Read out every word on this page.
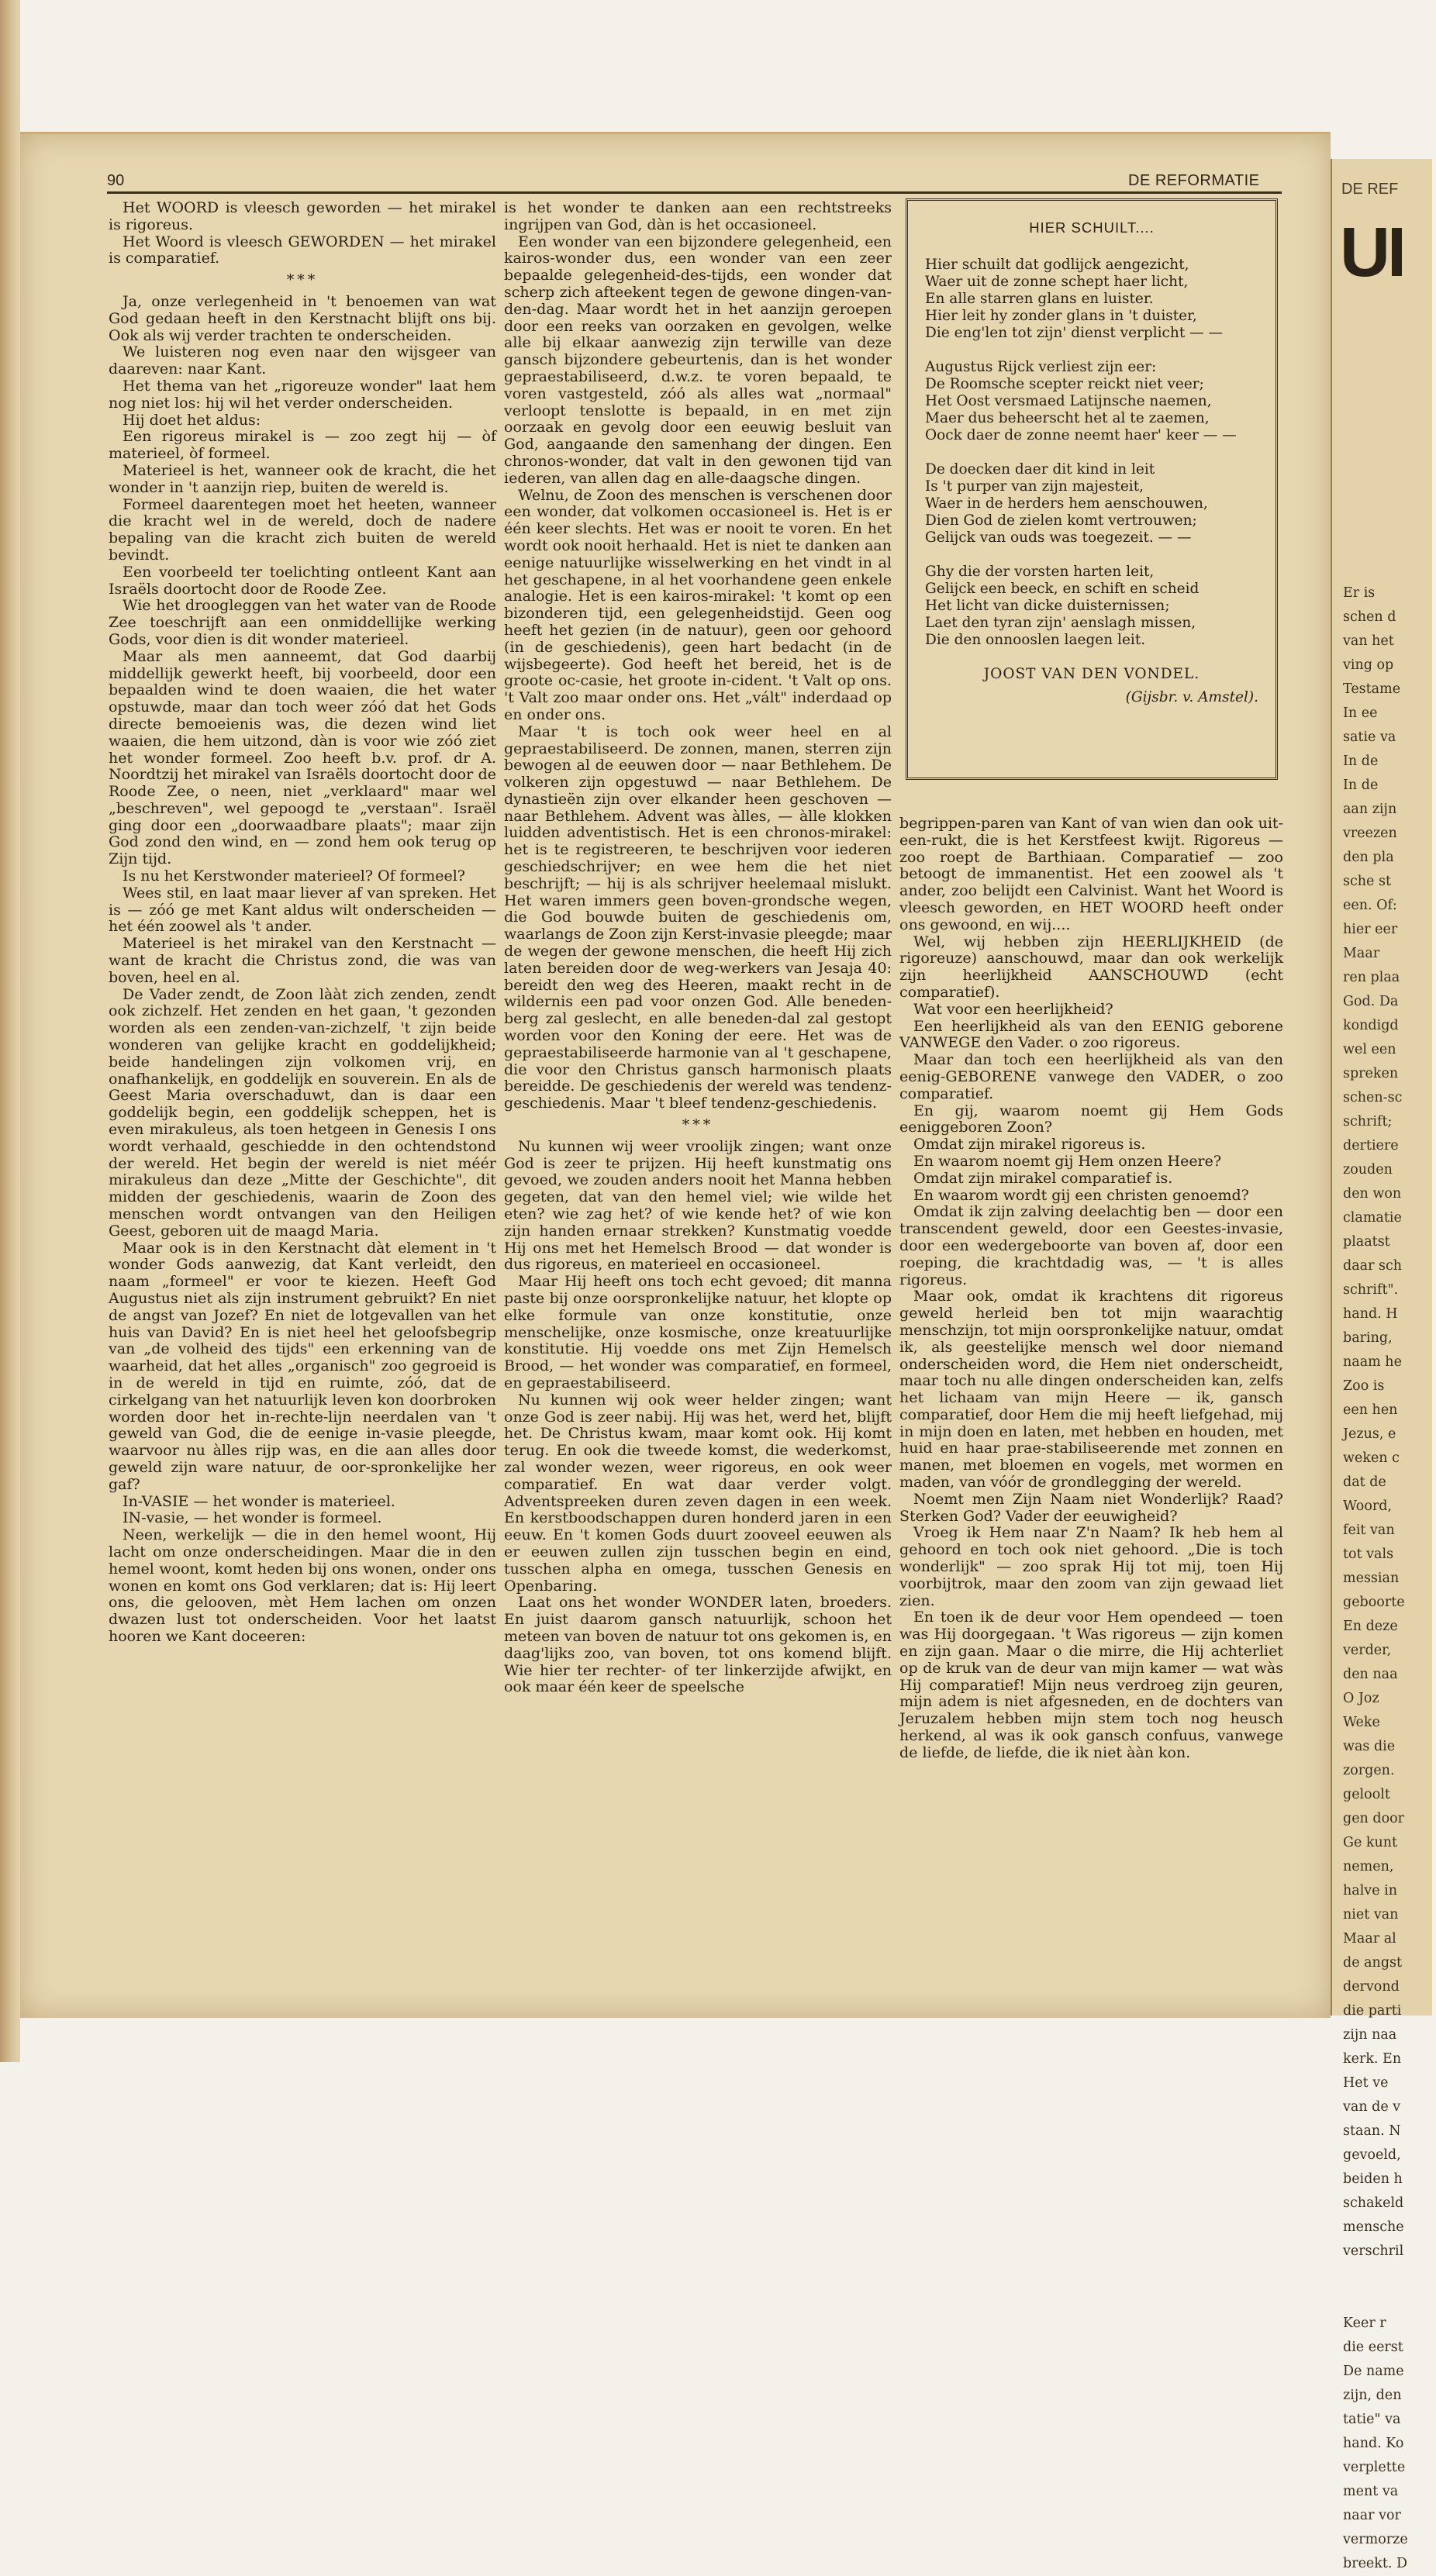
DE REF
UI
Er is
schen d
van het
ving op
Testame
In ee
satie va
In de
In de
aan zijn
vreezen
den pla
sche st
een. Of:
hier eer
Maar
ren plaa
God. Da
kondigd
wel een
spreken
schen-sc
schrift;
dertiere
zouden
den won
clamatie
plaatst
daar sch
schrift".
hand. H
baring,
naam he
Zoo is
een hen
Jezus, e
weken c
dat de
Woord,
feit van
tot vals
messian
geboorte
En deze
verder,
den naa
O Joz
Weke
was die
zorgen.
geloolt
gen door
Ge kunt
nemen,
halve in
niet van
Maar al
de angst
dervond
die parti
zijn naa
kerk. En
Het ve
van de v
staan. N
gevoeld,
beiden h
schakeld
mensche
verschril

Keer r
die eerst
De name
zijn, den
tatie" va
hand. Ko
verplette
ment va
naar vor
vermorze
breekt. D
90	DE REFORMATIE

Het WOORD is vleesch geworden — het mirakel is rigoreus.

Het Woord is vleesch GEWORDEN — het mirakel is comparatief.

***

Ja, onze verlegenheid in 't benoemen van wat God gedaan heeft in den Kerstnacht blijft ons bij. Ook als wij verder trachten te onderscheiden.

We luisteren nog even naar den wijsgeer van daareven: naar Kant.

Het thema van het „rigoreuze wonder" laat hem nog niet los: hij wil het verder onderscheiden.

Hij doet het aldus:

Een rigoreus mirakel is — zoo zegt hij — òf materieel, òf formeel.

Materieel is het, wanneer ook de kracht, die het wonder in 't aanzijn riep, buiten de wereld is.

Formeel daarentegen moet het heeten, wanneer die kracht wel in de wereld, doch de nadere bepaling van die kracht zich buiten de wereld bevindt.

Een voorbeeld ter toelichting ontleent Kant aan Israëls doortocht door de Roode Zee.

Wie het droogleggen van het water van de Roode Zee toeschrijft aan een onmiddellijke werking Gods, voor dien is dit wonder materieel.

Maar als men aanneemt, dat God daarbij middellijk gewerkt heeft, bij voorbeeld, door een bepaalden wind te doen waaien, die het water opstuwde, maar dan toch weer zóó dat het Gods directe bemoeienis was, die dezen wind liet waaien, die hem uitzond, dàn is voor wie zóó ziet het wonder formeel. Zoo heeft b.v. prof. dr A. Noordtzij het mirakel van Israëls doortocht door de Roode Zee, o neen, niet „verklaard" maar wel „beschreven", wel gepoogd te „verstaan". Israël ging door een „doorwaadbare plaats"; maar zijn God zond den wind, en — zond hem ook terug op Zijn tijd.

Is nu het Kerstwonder materieel? Of formeel?

Wees stil, en laat maar liever af van spreken. Het is — zóó ge met Kant aldus wilt onderscheiden — het één zoowel als 't ander.

Materieel is het mirakel van den Kerstnacht — want de kracht die Christus zond, die was van boven, heel en al.

De Vader zendt, de Zoon lààt zich zenden, zendt ook zichzelf. Het zenden en het gaan, 't gezonden worden als een zenden-van-zichzelf, 't zijn beide wonderen van gelijke kracht en goddelijkheid; beide handelingen zijn volkomen vrij, en onafhankelijk, en goddelijk en souverein. En als de Geest Maria overschaduwt, dan is daar een goddelijk begin, een goddelijk scheppen, het is even mirakuleus, als toen hetgeen in Genesis I ons wordt verhaald, geschiedde in den ochtendstond der wereld. Het begin der wereld is niet méér mirakuleus dan deze „Mitte der Geschichte", dit midden der geschiedenis, waarin de Zoon des menschen wordt ontvangen van den Heiligen Geest, geboren uit de maagd Maria.

Maar ook is in den Kerstnacht dàt element in 't wonder Gods aanwezig, dat Kant verleidt, den naam „formeel" er voor te kiezen. Heeft God Augustus niet als zijn instrument gebruikt? En niet de angst van Jozef? En niet de lotgevallen van het huis van David? En is niet heel het geloofsbegrip van „de volheid des tijds" een erkenning van de waarheid, dat het alles „organisch" zoo gegroeid is in de wereld in tijd en ruimte, zóó, dat de cirkelgang van het natuurlijk leven kon doorbroken worden door het in-rechte-lijn neerdalen van 't geweld van God, die de eenige in-vasie pleegde, waarvoor nu àlles rijp was, en die aan alles door geweld zijn ware natuur, de oor-spronkelijke her gaf?

In-VASIE — het wonder is materieel.

IN-vasie, — het wonder is formeel.

Neen, werkelijk — die in den hemel woont, Hij lacht om onze onderscheidingen. Maar die in den hemel woont, komt heden bij ons wonen, onder ons wonen en komt ons God verklaren; dat is: Hij leert ons, die gelooven, mèt Hem lachen om onzen dwazen lust tot onderscheiden. Voor het laatst hooren we Kant doceeren:

is het wonder te danken aan een rechtstreeks ingrijpen van God, dàn is het occasioneel.

Een wonder van een bijzondere gelegenheid, een kairos-wonder dus, een wonder van een zeer bepaalde gelegenheid-des-tijds, een wonder dat scherp zich afteekent tegen de gewone dingen-van-den-dag. Maar wordt het in het aanzijn geroepen door een reeks van oorzaken en gevolgen, welke alle bij elkaar aanwezig zijn terwille van deze gansch bijzondere gebeurtenis, dan is het wonder gepraestabiliseerd, d.w.z. te voren bepaald, te voren vastgesteld, zóó als alles wat „normaal" verloopt tenslotte is bepaald, in en met zijn oorzaak en gevolg door een eeuwig besluit van God, aangaande den samenhang der dingen. Een chronos-wonder, dat valt in den gewonen tijd van iederen, van allen dag en alle-daagsche dingen.

Welnu, de Zoon des menschen is verschenen door een wonder, dat volkomen occasioneel is. Het is er één keer slechts. Het was er nooit te voren. En het wordt ook nooit herhaald. Het is niet te danken aan eenige natuurlijke wisselwerking en het vindt in al het geschapene, in al het voorhandene geen enkele analogie. Het is een kairos-mirakel: 't komt op een bizonderen tijd, een gelegenheidstijd. Geen oog heeft het gezien (in de natuur), geen oor gehoord (in de geschiedenis), geen hart bedacht (in de wijsbegeerte). God heeft het bereid, het is de groote oc-casie, het groote in-cident. 't Valt op ons. 't Valt zoo maar onder ons. Het „vált" inderdaad op en onder ons.

Maar 't is toch ook weer heel en al gepraestabiliseerd. De zonnen, manen, sterren zijn bewogen al de eeuwen door — naar Bethlehem. De volkeren zijn opgestuwd — naar Bethlehem. De dynastieën zijn over elkander heen geschoven — naar Bethlehem. Advent was àlles, — àlle klokken luidden adventistisch. Het is een chronos-mirakel: het is te registreeren, te beschrijven voor iederen geschiedschrijver; en wee hem die het niet beschrijft; — hij is als schrijver heelemaal mislukt. Het waren immers geen boven-grondsche wegen, die God bouwde buiten de geschiedenis om, waarlangs de Zoon zijn Kerst-invasie pleegde; maar de wegen der gewone menschen, die heeft Hij zich laten bereiden door de weg-werkers van Jesaja 40: bereidt den weg des Heeren, maakt recht in de wildernis een pad voor onzen God. Alle beneden-berg zal geslecht, en alle beneden-dal zal gestopt worden voor den Koning der eere. Het was de gepraestabiliseerde harmonie van al 't geschapene, die voor den Christus gansch harmonisch plaats bereidde. De geschiedenis der wereld was tendenz-geschiedenis. Maar 't bleef tendenz-geschiedenis.

***

Nu kunnen wij weer vroolijk zingen; want onze God is zeer te prijzen. Hij heeft kunstmatig ons gevoed, we zouden anders nooit het Manna hebben gegeten, dat van den hemel viel; wie wilde het eten? wie zag het? of wie kende het? of wie kon zijn handen ernaar strekken? Kunstmatig voedde Hij ons met het Hemelsch Brood — dat wonder is dus rigoreus, en materieel en occasioneel.

Maar Hij heeft ons toch echt gevoed; dit manna paste bij onze oorspronkelijke natuur, het klopte op elke formule van onze konstitutie, onze menschelijke, onze kosmische, onze kreatuurlijke konstitutie. Hij voedde ons met Zijn Hemelsch Brood, — het wonder was comparatief, en formeel, en gepraestabiliseerd.

Nu kunnen wij ook weer helder zingen; want onze God is zeer nabij. Hij was het, werd het, blijft het. De Christus kwam, maar komt ook. Hij komt terug. En ook die tweede komst, die wederkomst, zal wonder wezen, weer rigoreus, en ook weer comparatief. En wat daar verder volgt. Adventspreeken duren zeven dagen in een week. En kerstboodschappen duren honderd jaren in een eeuw. En 't komen Gods duurt zooveel eeuwen als er eeuwen zullen zijn tusschen begin en eind, tusschen alpha en omega, tusschen Genesis en Openbaring.

Laat ons het wonder WONDER laten, broeders. En juist daarom gansch natuurlijk, schoon het meteen van boven de natuur tot ons gekomen is, en daag'lijks zoo, van boven, tot ons komend blijft. Wie hier ter rechter- of ter linkerzijde afwijkt, en ook maar één keer de speelsche

HIER SCHUILT....
Hier schuilt dat godlijck aengezicht,
Waer uit de zonne schept haer licht,
En alle starren glans en luister.
Hier leit hy zonder glans in 't duister,
Die eng'len tot zijn' dienst verplicht — —
Augustus Rijck verliest zijn eer:
De Roomsche scepter reickt niet veer;
Het Oost versmaed Latijnsche naemen,
Maer dus beheerscht het al te zaemen,
Oock daer de zonne neemt haer' keer — —
De doecken daer dit kind in leit
Is 't purper van zijn majesteit,
Waer in de herders hem aenschouwen,
Dien God de zielen komt vertrouwen;
Gelijck van ouds was toegezeit. — —
Ghy die der vorsten harten leit,
Gelijck een beeck, en schift en scheid
Het licht van dicke duisternissen;
Laet den tyran zijn' aenslagh missen,
Die den onnooslen laegen leit.
JOOST VAN DEN VONDEL.
(Gijsbr. v. Amstel).

begrippen-paren van Kant of van wien dan ook uit-een-rukt, die is het Kerstfeest kwijt. Rigoreus — zoo roept de Barthiaan. Comparatief — zoo betoogt de immanentist. Het een zoowel als 't ander, zoo belijdt een Calvinist. Want het Woord is vleesch geworden, en HET WOORD heeft onder ons gewoond, en wij....

Wel, wij hebben zijn HEERLIJKHEID (de rigoreuze) aanschouwd, maar dan ook werkelijk zijn heerlijkheid AANSCHOUWD (echt comparatief).

Wat voor een heerlijkheid?

Een heerlijkheid als van den EENIG geborene VANWEGE den Vader. o zoo rigoreus.

Maar dan toch een heerlijkheid als van den eenig-GEBORENE vanwege den VADER, o zoo comparatief.

En gij, waarom noemt gij Hem Gods eeniggeboren Zoon?

Omdat zijn mirakel rigoreus is.

En waarom noemt gij Hem onzen Heere?

Omdat zijn mirakel comparatief is.

En waarom wordt gij een christen genoemd?

Omdat ik zijn zalving deelachtig ben — door een transcendent geweld, door een Geestes-invasie, door een wedergeboorte van boven af, door een roeping, die krachtdadig was, — 't is alles rigoreus.

Maar ook, omdat ik krachtens dit rigoreus geweld herleid ben tot mijn waarachtig menschzijn, tot mijn oorspronkelijke natuur, omdat ik, als geestelijke mensch wel door niemand onderscheiden word, die Hem niet onderscheidt, maar toch nu alle dingen onderscheiden kan, zelfs het lichaam van mijn Heere — ik, gansch comparatief, door Hem die mij heeft liefgehad, mij in mijn doen en laten, met hebben en houden, met huid en haar prae-stabiliseerende met zonnen en manen, met bloemen en vogels, met wormen en maden, van vóór de grondlegging der wereld.

Noemt men Zijn Naam niet Wonderlijk? Raad? Sterken God? Vader der eeuwigheid?

Vroeg ik Hem naar Z'n Naam? Ik heb hem al gehoord en toch ook niet gehoord. „Die is toch wonderlijk" — zoo sprak Hij tot mij, toen Hij voorbijtrok, maar den zoom van zijn gewaad liet zien.

En toen ik de deur voor Hem opendeed — toen was Hij doorgegaan. 't Was rigoreus — zijn komen en zijn gaan. Maar o die mirre, die Hij achterliet op de kruk van de deur van mijn kamer — wat wàs Hij comparatief! Mijn neus verdroeg zijn geuren, mijn adem is niet afgesneden, en de dochters van Jeruzalem hebben mijn stem toch nog heusch herkend, al was ik ook gansch confuus, vanwege de liefde, de liefde, die ik niet ààn kon.
